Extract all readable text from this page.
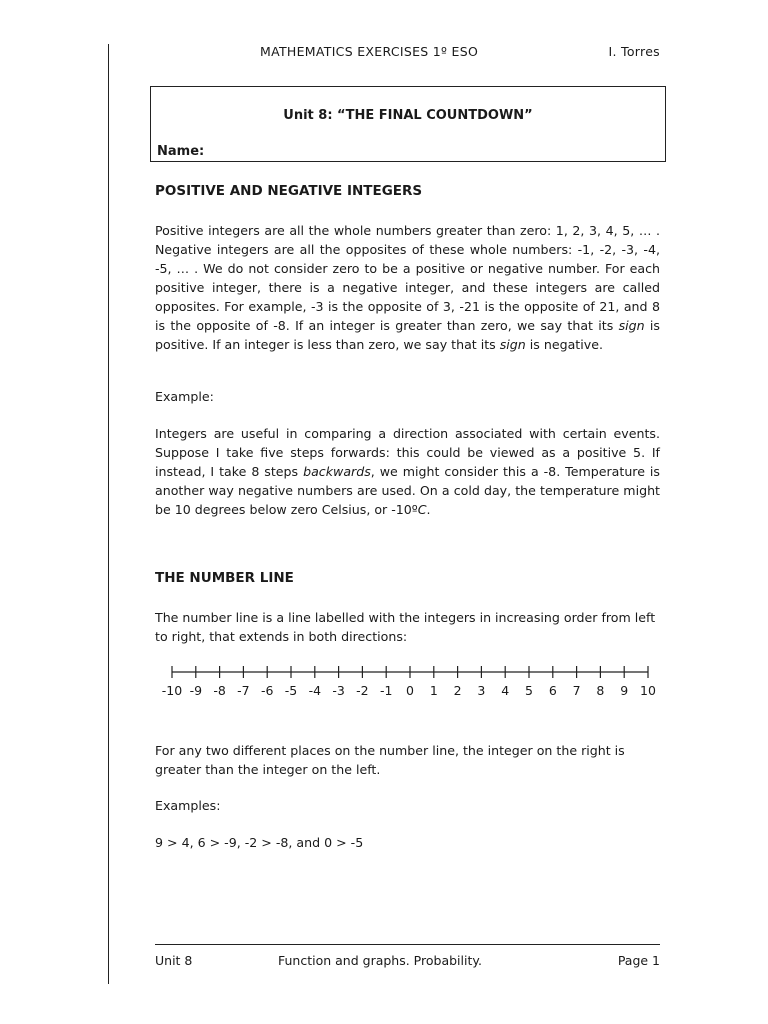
MATHEMATICS EXERCISES 1º ESO	I. Torres
Unit 8: “THE FINAL COUNTDOWN”
Name:
POSITIVE AND NEGATIVE INTEGERS

Positive integers are all the whole numbers greater than zero: 1, 2, 3, 4, 5, … . Negative integers are all the opposites of these whole numbers: -1, -2, -3, -4, -5, … . We do not consider zero to be a positive or negative number. For each positive integer, there is a negative integer, and these integers are called opposites. For example, -3 is the opposite of 3, -21 is the opposite of 21, and 8 is the opposite of -8. If an integer is greater than zero, we say that its sign is positive. If an integer is less than zero, we say that its sign is negative.

Example:

Integers are useful in comparing a direction associated with certain events. Suppose I take five steps forwards: this could be viewed as a positive 5. If instead, I take 8 steps backwards, we might consider this a -8. Temperature is another way negative numbers are used. On a cold day, the temperature might be 10 degrees below zero Celsius, or -10ºC.

THE NUMBER LINE

The number line is a line labelled with the integers in increasing order from left to right, that extends in both directions:

-10 -9 -8 -7 -6 -5 -4 -3 -2 -1 0 1 2 3 4 5 6 7 8 9 10

For any two different places on the number line, the integer on the right is greater than the integer on the left.

Examples:

9 > 4, 6 > -9, -2 > -8, and 0 > -5

Unit 8	Function and graphs. Probability.	Page 1
